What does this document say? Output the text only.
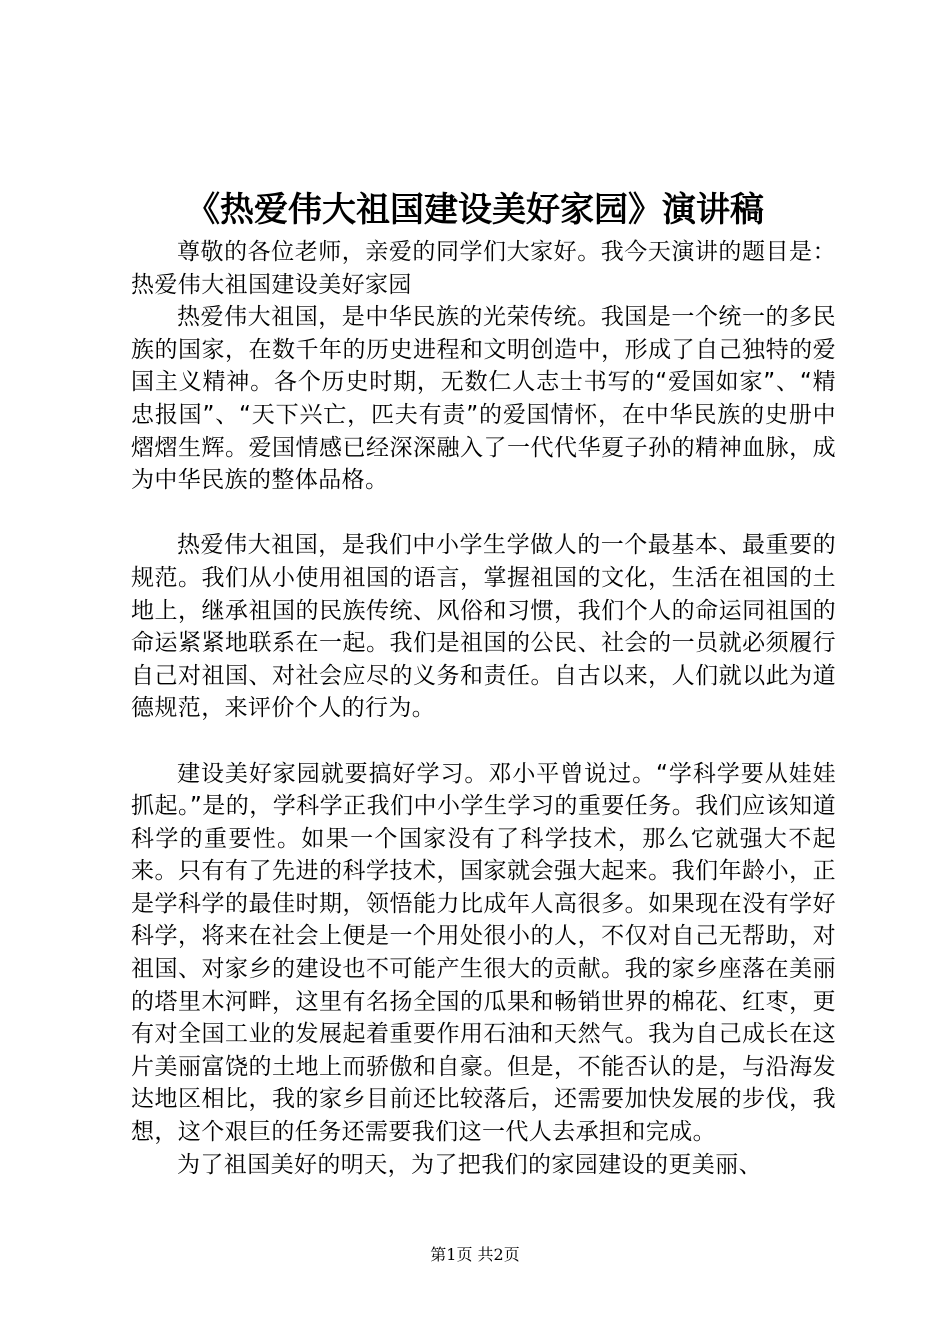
《热爱伟大祖国建设美好家园》演讲稿

尊敬的各位老师，亲爱的同学们大家好。我今天演讲的题目是：热爱伟大祖国建设美好家园

热爱伟大祖国，是中华民族的光荣传统。我国是一个统一的多民族的国家，在数千年的历史进程和文明创造中，形成了自己独特的爱国主义精神。各个历史时期，无数仁人志士书写的“爱国如家”、“精忠报国”、“天下兴亡，匹夫有责”的爱国情怀，在中华民族的史册中熠熠生辉。爱国情感已经深深融入了一代代华夏子孙的精神血脉，成为中华民族的整体品格。

热爱伟大祖国，是我们中小学生学做人的一个最基本、最重要的规范。我们从小使用祖国的语言，掌握祖国的文化，生活在祖国的土地上，继承祖国的民族传统、风俗和习惯，我们个人的命运同祖国的命运紧紧地联系在一起。我们是祖国的公民、社会的一员就必须履行自己对祖国、对社会应尽的义务和责任。自古以来，人们就以此为道德规范，来评价个人的行为。

建设美好家园就要搞好学习。邓小平曾说过。“学科学要从娃娃抓起。”是的，学科学正我们中小学生学习的重要任务。我们应该知道科学的重要性。如果一个国家没有了科学技术，那么它就强大不起来。只有有了先进的科学技术，国家就会强大起来。我们年龄小，正是学科学的最佳时期，领悟能力比成年人高很多。如果现在没有学好科学，将来在社会上便是一个用处很小的人，不仅对自己无帮助，对祖国、对家乡的建设也不可能产生很大的贡献。我的家乡座落在美丽的塔里木河畔，这里有名扬全国的瓜果和畅销世界的棉花、红枣，更有对全国工业的发展起着重要作用石油和天然气。我为自己成长在这片美丽富饶的土地上而骄傲和自豪。但是，不能否认的是，与沿海发达地区相比，我的家乡目前还比较落后，还需要加快发展的步伐，我想，这个艰巨的任务还需要我们这一代人去承担和完成。

为了祖国美好的明天，为了把我们的家园建设的更美丽、

第1页 共2页
